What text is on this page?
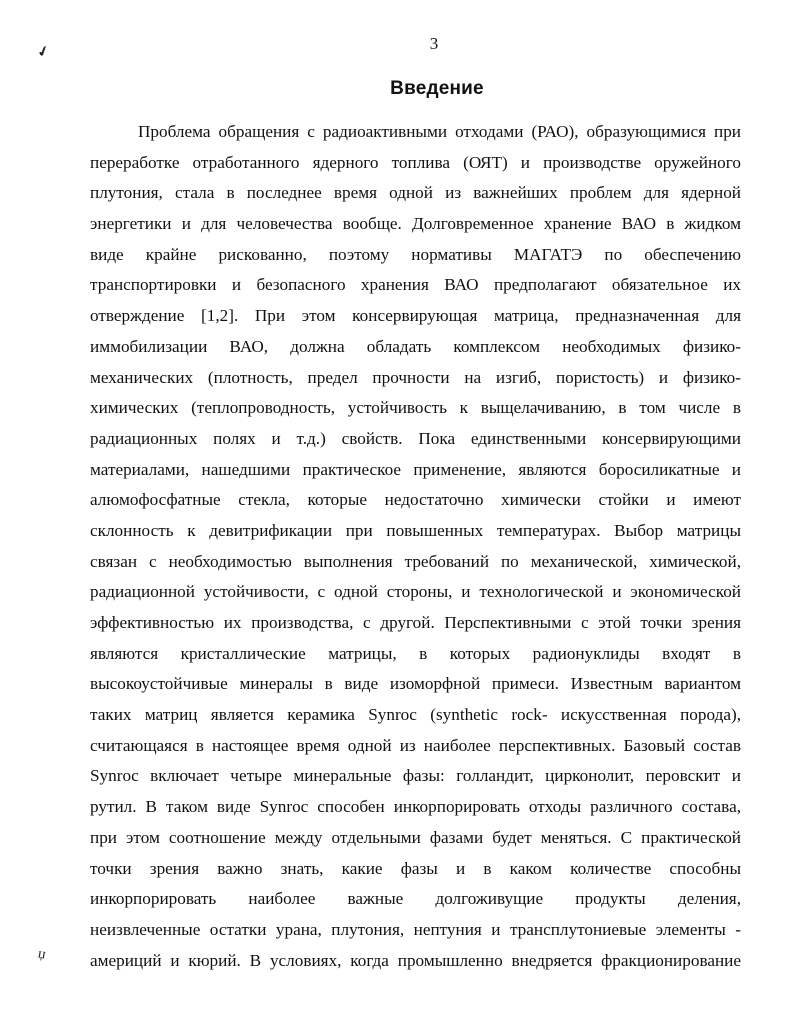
3
✔
Введение
Проблема обращения с радиоактивными отходами (РАО), образующимися при
переработке отработанного ядерного топлива (ОЯТ) и производстве оружейного
плутония, стала в последнее время одной из важнейших проблем для ядерной
энергетики и для человечества вообще. Долговременное хранение ВАО в жидком
виде крайне рискованно, поэтому нормативы МАГАТЭ по обеспечению
транспортировки и безопасного хранения ВАО предполагают обязательное их
отверждение [1,2]. При этом консервирующая матрица, предназначенная для
иммобилизации ВАО, должна обладать комплексом необходимых физико-
механических (плотность, предел прочности на изгиб, пористость) и физико-
химических (теплопроводность, устойчивость к выщелачиванию, в том числе в
радиационных полях и т.д.) свойств. Пока единственными консервирующими
материалами, нашедшими практическое применение, являются боросиликатные и
алюмофосфатные стекла, которые недостаточно химически стойки и имеют
склонность к девитрификации при повышенных температурах. Выбор матрицы
связан с необходимостью выполнения требований по механической, химической,
радиационной устойчивости, с одной стороны, и технологической и экономической
эффективностью их производства, с другой. Перспективными с этой точки зрения
являются кристаллические матрицы, в которых радионуклиды входят в
высокоустойчивые минералы в виде изоморфной примеси. Известным вариантом
таких матриц является керамика Synroc (synthetic rock- искусственная порода),
считающаяся в настоящее время одной из наиболее перспективных. Базовый состав
Synroc включает четыре минеральные фазы: голландит, цирконолит, перовскит и
рутил. В таком виде Synroc способен инкорпорировать отходы различного состава,
при этом соотношение между отдельными фазами будет меняться. С практической
точки зрения важно знать, какие фазы и в каком количестве способны
инкорпорировать наиболее важные долгоживущие продукты деления,
неизвлеченные остатки урана, плутония, нептуния и трансплутониевые элементы -
америций и кюрий. В условиях, когда промышленно внедряется фракционирование
џ
